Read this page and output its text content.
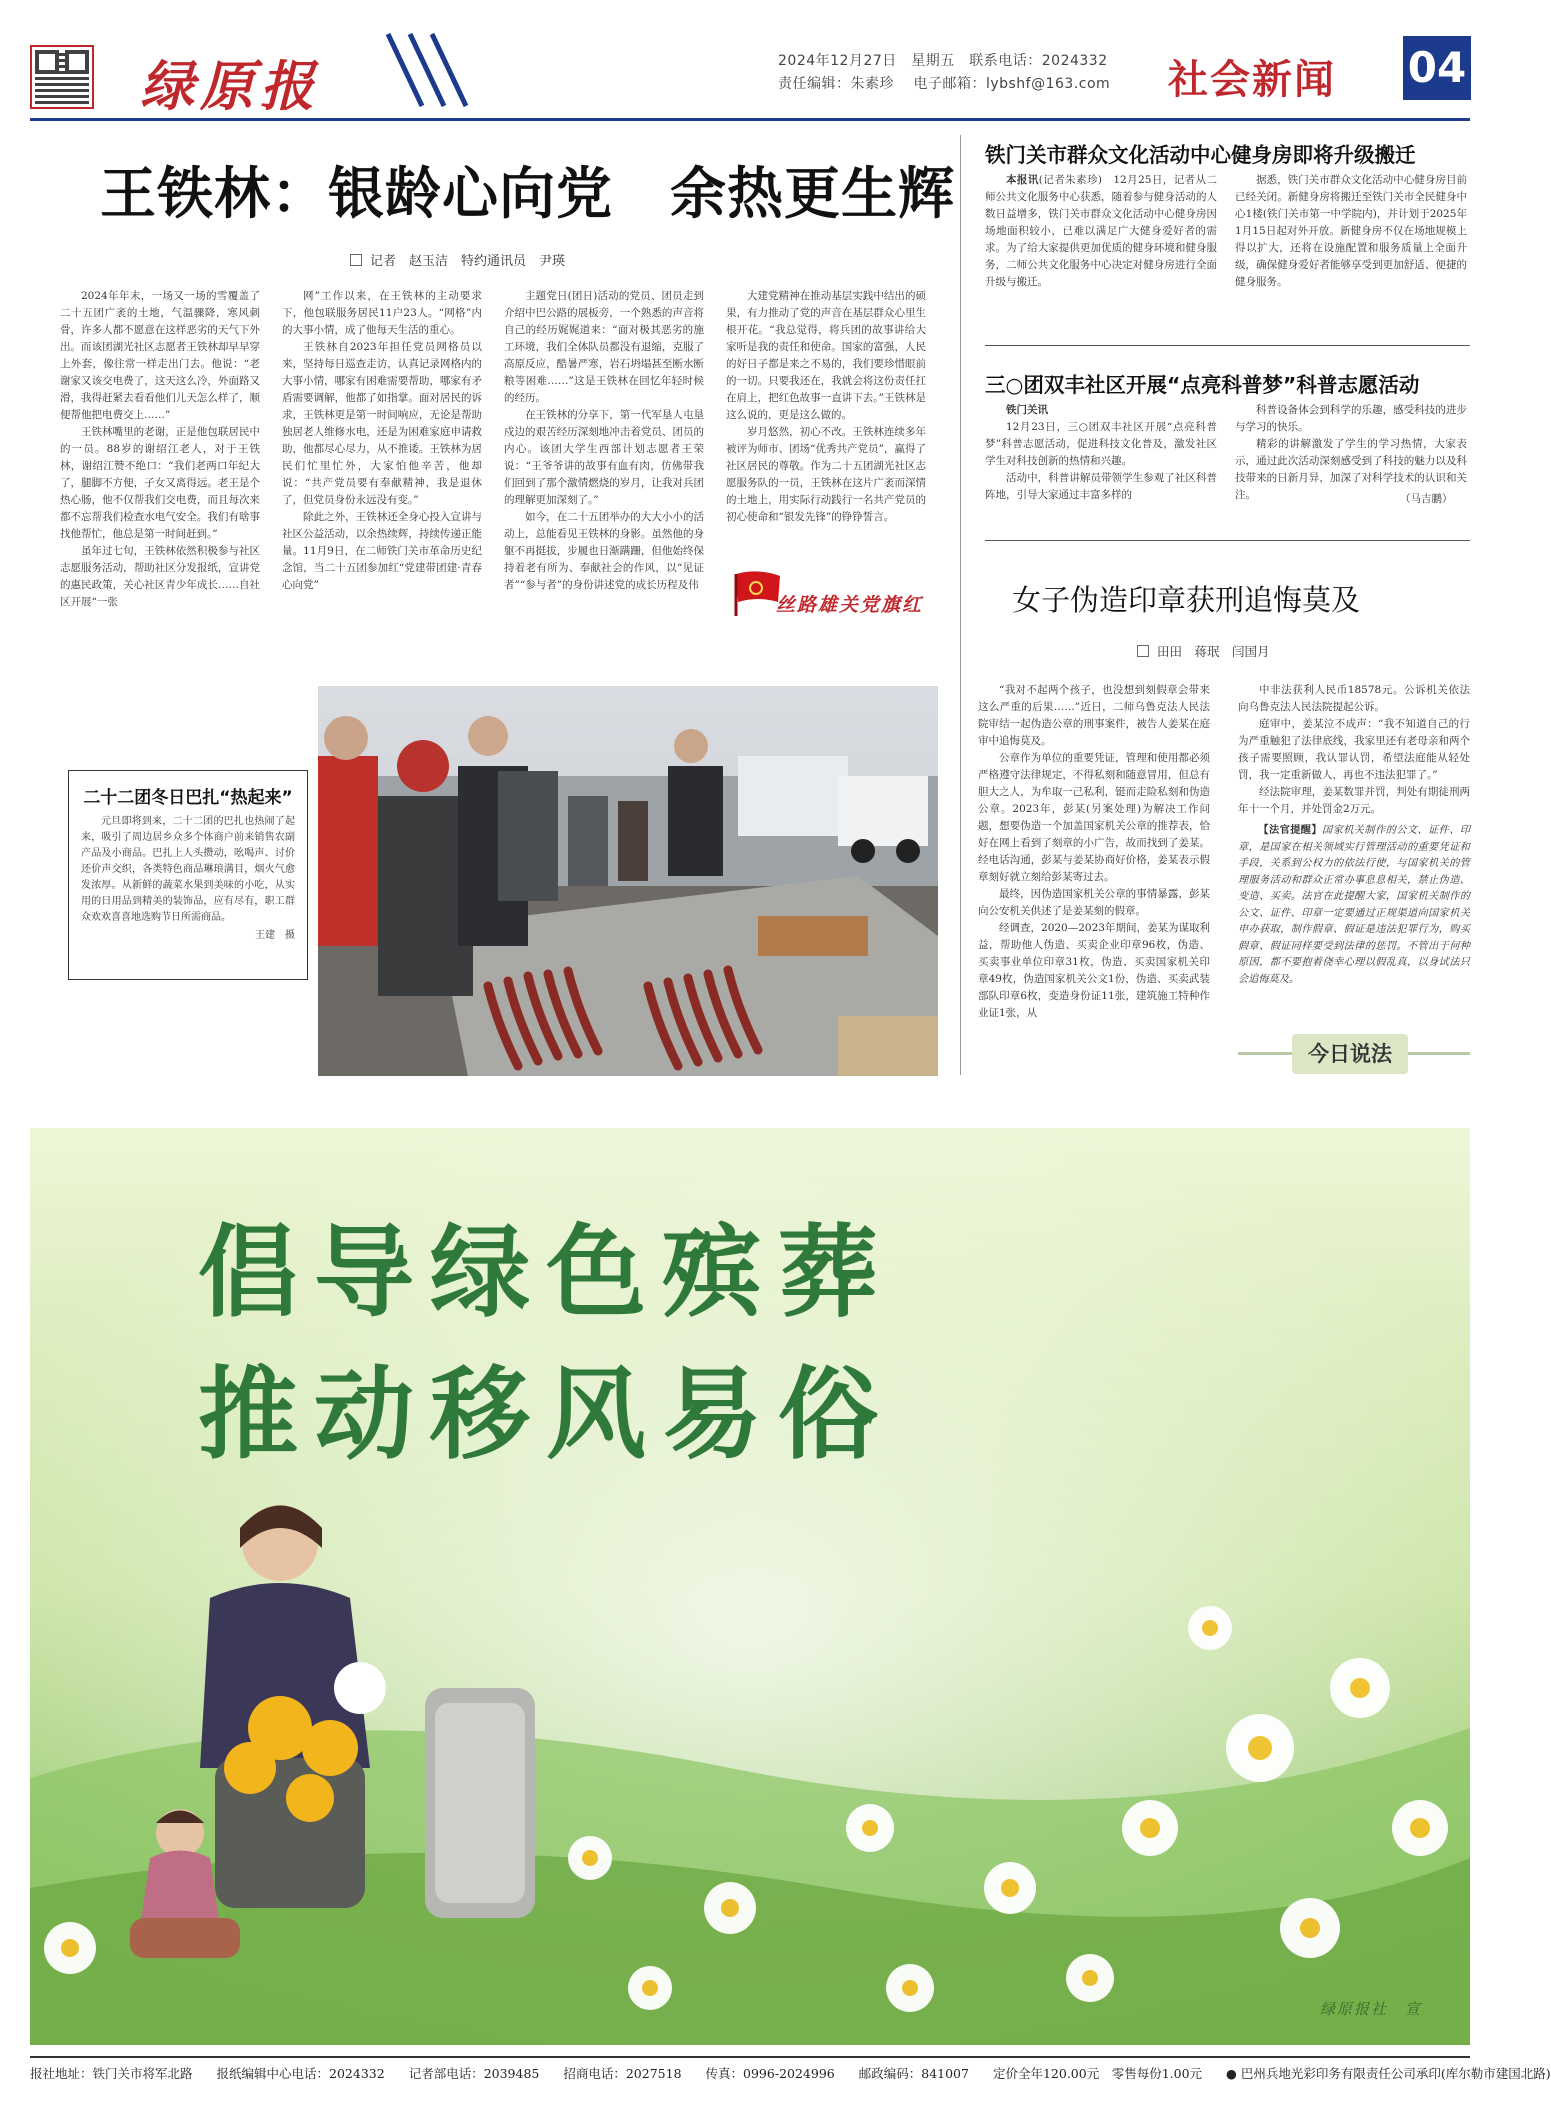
绿原报	2024年12月27日　星期五　联系电话：2024332
责任编辑：朱素珍　 电子邮箱：lybshf@163.com 社会新闻 04
王铁林：银龄心向党　余热更生辉
记者　赵玉洁　特约通讯员　尹瑛

2024年年末，一场又一场的雪覆盖了二十五团广袤的土地，气温骤降，寒风刺骨，许多人都不愿意在这样恶劣的天气下外出。而该团湖光社区志愿者王铁林却早早穿上外套，像往常一样走出门去。他说：“老谢家又该交电费了，这天这么冷，外面路又滑，我得赶紧去看看他们儿天怎么样了，顺便帮他把电费交上……”

王铁林嘴里的老谢，正是他包联居民中的一员。88岁的谢绍江老人，对于王铁林，谢绍江赞不绝口：“我们老两口年纪大了，腿脚不方便，子女又离得远。老王是个热心肠，他不仅帮我们交电费，而且每次来都不忘帮我们检查水电气安全。我们有啥事找他帮忙，他总是第一时间赶到。”

虽年过七旬，王铁林依然积极参与社区志愿服务活动，帮助社区分发报纸，宣讲党的惠民政策，关心社区青少年成长……自社区开展“一张

网”工作以来，在王铁林的主动要求下，他包联服务居民11户23人。“网格”内的大事小情，成了他每天生活的重心。

王铁林自2023年担任党员网格员以来，坚持每日巡查走访，认真记录网格内的大事小情，哪家有困难需要帮助，哪家有矛盾需要调解，他都了如指掌。面对居民的诉求，王铁林更是第一时间响应，无论是帮助独居老人维修水电，还是为困难家庭申请救助，他都尽心尽力，从不推诿。王铁林为居民们忙里忙外，大家怕他辛苦，他却说：“共产党员要有奉献精神，我是退休了，但党员身份永远没有变。”

除此之外，王铁林还全身心投入宣讲与社区公益活动，以余热续辉，持续传递正能量。11月9日，在二师铁门关市革命历史纪念馆，当二十五团参加红“党建带团建·青春心向党”

主题党日(团日)活动的党员、团员走到介绍中巴公路的展板旁，一个熟悉的声音将自己的经历娓娓道来：“面对极其恶劣的施工环境，我们全体队员都没有退缩，克服了高原反应，酷暑严寒，岩石坍塌甚至断水断粮等困难……”这是王铁林在回忆年轻时候的经历。

在王铁林的分享下，第一代军垦人屯垦戍边的艰苦经历深刻地冲击着党员、团员的内心。该团大学生西部计划志愿者王荣说：“王爷爷讲的故事有血有肉，仿佛带我们回到了那个激情燃烧的岁月，让我对兵团的理解更加深刻了。”

如今，在二十五团举办的大大小小的活动上，总能看见王铁林的身影。虽然他的身躯不再挺拔，步履也日渐蹒跚，但他始终保持着老有所为、奉献社会的作风，以“见证者”“参与者”的身份讲述党的成长历程及伟

大建党精神在推动基层实践中结出的硕果，有力推动了党的声音在基层群众心里生根开花。“我总觉得，将兵团的故事讲给大家听是我的责任和使命。国家的富强，人民的好日子都是来之不易的，我们要珍惜眼前的一切。只要我还在，我就会将这份责任扛在肩上，把红色故事一直讲下去。”王铁林是这么说的，更是这么做的。

岁月悠然，初心不改。王铁林连续多年被评为师市、团场“优秀共产党员”，赢得了社区居民的尊敬。作为二十五团湖光社区志愿服务队的一员，王铁林在这片广袤而深情的土地上，用实际行动践行一名共产党员的初心使命和“银发先锋”的铮铮誓言。

丝路雄关党旗红
铁门关市群众文化活动中心健身房即将升级搬迁
本报讯(记者朱素珍)　12月25日，记者从二师公共文化服务中心获悉，随着参与健身活动的人数日益增多，铁门关市群众文化活动中心健身房因场地面积较小，已难以满足广大健身爱好者的需求。为了给大家提供更加优质的健身环境和健身服务，二师公共文化服务中心决定对健身房进行全面升级与搬迁。
据悉，铁门关市群众文化活动中心健身房目前已经关闭。新健身房将搬迁至铁门关市全民健身中心1楼(铁门关市第一中学院内)，并计划于2025年1月15日起对外开放。新健身房不仅在场地规模上得以扩大，还将在设施配置和服务质量上全面升级，确保健身爱好者能够享受到更加舒适、便捷的健身服务。
三○团双丰社区开展“点亮科普梦”科普志愿活动
铁门关讯　

12月23日，三○团双丰社区开展“点亮科普梦”科普志愿活动，促进科技文化普及，激发社区学生对科技创新的热情和兴趣。

活动中，科普讲解员带领学生参观了社区科普阵地，引导大家通过丰富多样的

科普设备体会到科学的乐趣，感受科技的进步与学习的快乐。

精彩的讲解激发了学生的学习热情，大家表示，通过此次活动深刻感受到了科技的魅力以及科技带来的日新月异，加深了对科学技术的认识和关注。	（马吉鹏）
女子伪造印章获刑追悔莫及
田田　蒋珉　闫国月

“我对不起两个孩子，也没想到刻假章会带来这么严重的后果……”近日，二师乌鲁克法人民法院审结一起伪造公章的刑事案件，被告人姜某在庭审中追悔莫及。

公章作为单位的重要凭证，管理和使用都必须严格遵守法律规定，不得私刻和随意冒用，但总有胆大之人，为牟取一己私利，铤而走险私刻和伪造公章。2023年，彭某(另案处理)为解决工作问题，想要伪造一个加盖国家机关公章的推荐表，恰好在网上看到了刻章的小广告，故而找到了姜某。经电话沟通，彭某与姜某协商好价格，姜某表示假章刻好就立刻给彭某寄过去。

最终，因伪造国家机关公章的事情暴露，彭某向公安机关供述了是姜某刻的假章。

经调查，2020—2023年期间，姜某为谋取利益，帮助他人伪造、买卖企业印章96枚，伪造、买卖事业单位印章31枚，伪造、买卖国家机关印章49枚，伪造国家机关公文1份，伪造、买卖武装部队印章6枚，变造身份证11张，建筑施工特种作业证1张，从

中非法获利人民币18578元。公诉机关依法向乌鲁克法人民法院提起公诉。

庭审中，姜某泣不成声：“我不知道自己的行为严重触犯了法律底线，我家里还有老母亲和两个孩子需要照顾，我认罪认罚，希望法庭能从轻处罚，我一定重新做人，再也不违法犯罪了。”

经法院审理，姜某数罪并罚，判处有期徒刑两年十一个月，并处罚金2万元。

【法官提醒】国家机关制作的公文、证件、印章，是国家在相关领域实行管理活动的重要凭证和手段，关系到公权力的依法行使，与国家机关的管理服务活动和群众正常办事息息相关，禁止伪造、变造、买卖。法官在此提醒大家，国家机关制作的公文、证件、印章一定要通过正规渠道向国家机关申办获取，制作假章、假证是违法犯罪行为，购买假章、假证同样要受到法律的惩罚。不管出于何种原因，都不要抱着侥幸心理以假乱真，以身试法只会追悔莫及。
今日说法
二十二团冬日巴扎“热起来”
元旦即将到来，二十二团的巴扎也热闹了起来，吸引了周边居乡众多个体商户前来销售农副产品及小商品。巴扎上人头攒动，吆喝声、讨价还价声交织，各类特色商品琳琅满目，烟火气愈发浓厚。从新鲜的蔬菜水果到美味的小吃，从实用的日用品到精美的装饰品，应有尽有，职工群众欢欢喜喜地选购节日所需商品。
王建　摄
倡导绿色殡葬
推动移风易俗
绿原报社　宣
报社地址：铁门关市将军北路 报纸编辑中心电话：2024332 记者部电话：2039485 招商电话：2027518 传真：0996-2024996 邮政编码：841007 定价全年120.00元　零售每份1.00元 ● 巴州兵地光彩印务有限责任公司承印(库尔勒市建国北路)
